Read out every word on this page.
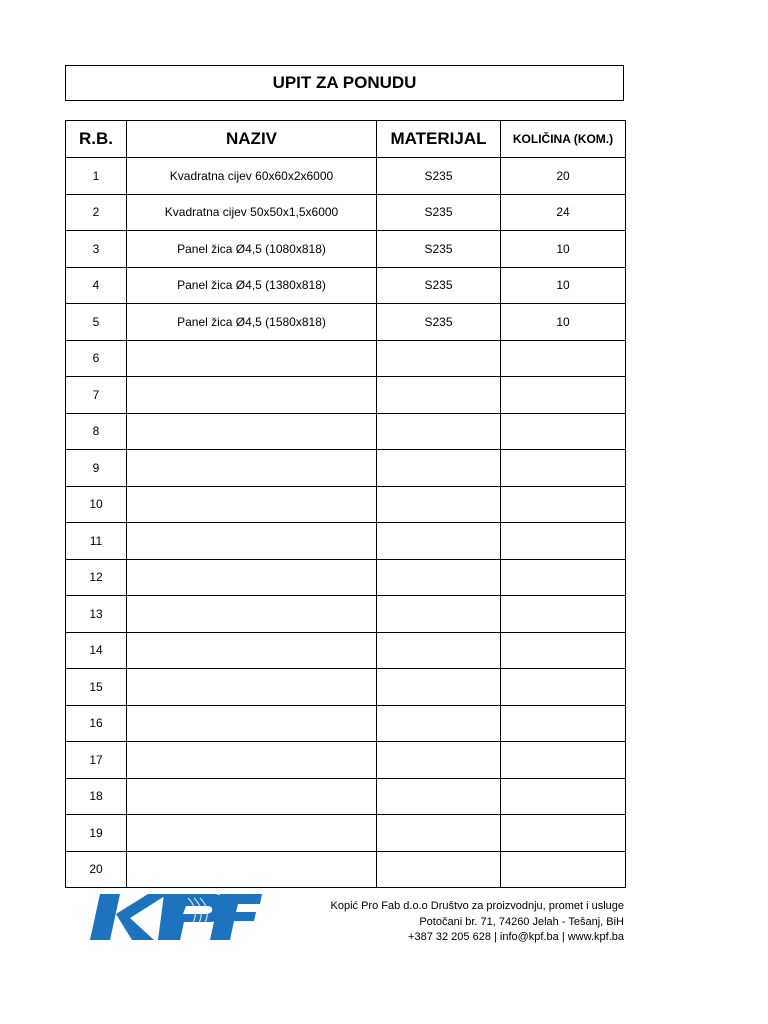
UPIT ZA PONUDU
R.B.	NAZIV	MATERIJAL	KOLIČINA (KOM.)
1	Kvadratna cijev 60x60x2x6000	S235	20
2	Kvadratna cijev 50x50x1,5x6000	S235	24
3	Panel žica Ø4,5 (1080x818)	S235	10
4	Panel žica Ø4,5 (1380x818)	S235	10
5	Panel žica Ø4,5 (1580x818)	S235	10
6			
7			
8			
9			
10			
11			
12			
13			
14			
15			
16			
17			
18			
19			
20			
Kopić Pro Fab d.o.o Društvo za proizvodnju, promet i usluge
Potočani br. 71, 74260 Jelah - Tešanj, BiH
+387 32 205 628 | info@kpf.ba | www.kpf.ba
